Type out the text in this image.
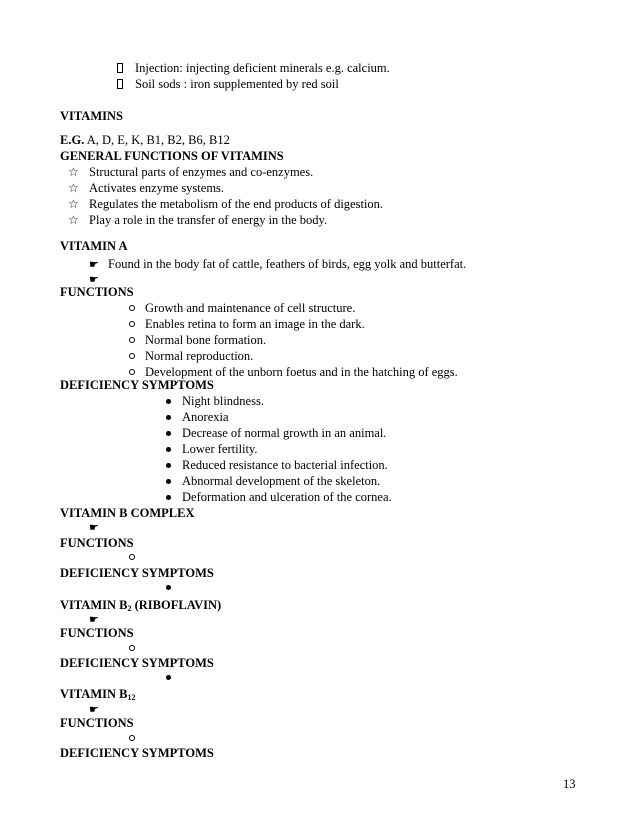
Injection: injecting deficient minerals e.g. calcium.
Soil sods : iron supplemented by red soil
VITAMINS
E.G. A, D, E, K, B1, B2, B6, B12
GENERAL FUNCTIONS OF VITAMINS
☆ Structural parts of enzymes and co-enzymes.
☆ Activates enzyme systems.
☆ Regulates the metabolism of the end products of digestion.
☆ Play a role in the transfer of energy in the body.
VITAMIN A
☛ Found in the body fat of cattle, feathers of birds, egg yolk and butterfat.
☛
FUNCTIONS
Growth and maintenance of cell structure.
Enables retina to form an image in the dark.
Normal bone formation.
Normal reproduction.
Development of the unborn foetus and in the hatching of eggs.
DEFICIENCY SYMPTOMS
Night blindness.
Anorexia
Decrease of normal growth in an animal.
Lower fertility.
Reduced resistance to bacterial infection.
Abnormal development of the skeleton.
Deformation and ulceration of the cornea.
VITAMIN B COMPLEX
☛
FUNCTIONS
DEFICIENCY SYMPTOMS
VITAMIN $B_2$ (RIBOFLAVIN)
☛
FUNCTIONS
DEFICIENCY SYMPTOMS
VITAMIN $B_{12}$
☛
FUNCTIONS
DEFICIENCY SYMPTOMS
13
